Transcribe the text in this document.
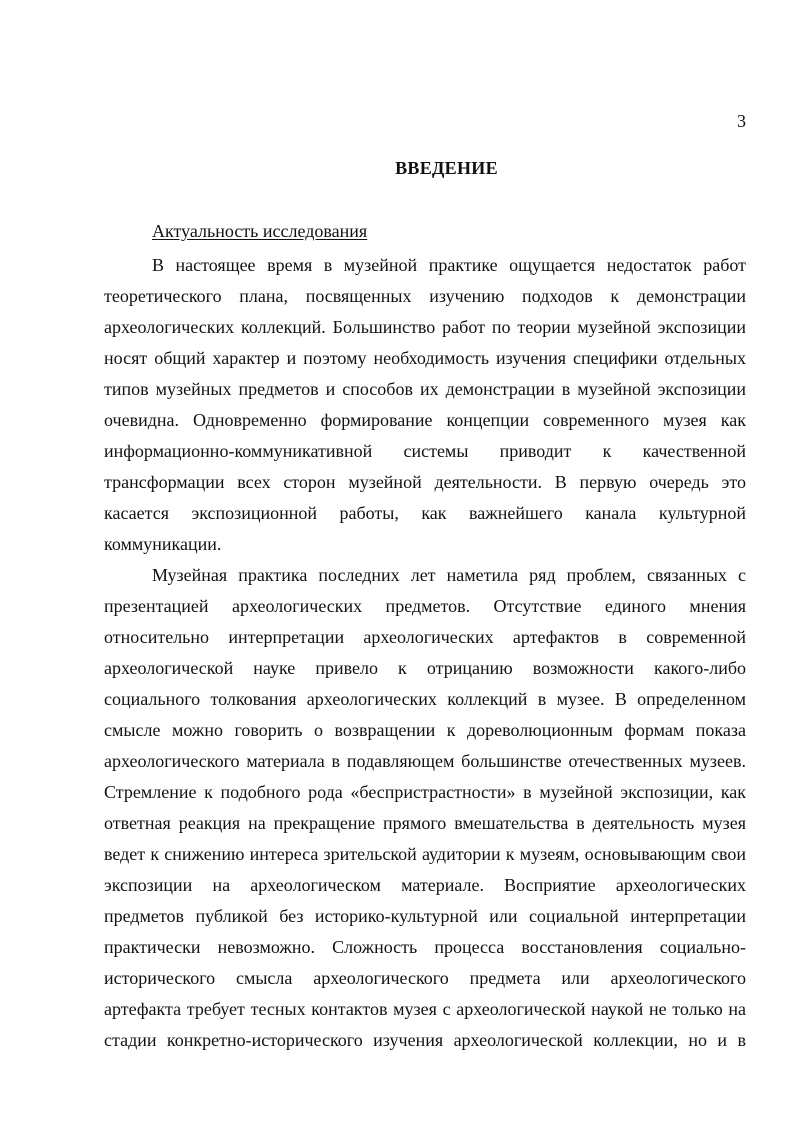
3
ВВЕДЕНИЕ
Актуальность исследования
В настоящее время в музейной практике ощущается недостаток работ
теоретического плана, посвященных изучению подходов к демонстрации
археологических коллекций. Большинство работ по теории музейной экспозиции
носят общий характер и поэтому необходимость изучения специфики отдельных
типов музейных предметов и способов их демонстрации в музейной экспозиции
очевидна. Одновременно формирование концепции современного музея как
информационно-коммуникативной системы приводит к качественной
трансформации всех сторон музейной деятельности. В первую очередь это
касается экспозиционной работы, как важнейшего канала культурной
коммуникации.
Музейная практика последних лет наметила ряд проблем, связанных с
презентацией археологических предметов. Отсутствие единого мнения
относительно интерпретации археологических артефактов в современной
археологической науке привело к отрицанию возможности какого-либо
социального толкования археологических коллекций в музее. В определенном
смысле можно говорить о возвращении к дореволюционным формам показа
археологического материала в подавляющем большинстве отечественных музеев.
Стремление к подобного рода «беспристрастности» в музейной экспозиции, как
ответная реакция на прекращение прямого вмешательства в деятельность музея
ведет к снижению интереса зрительской аудитории к музеям, основывающим свои
экспозиции на археологическом материале. Восприятие археологических
предметов публикой без историко-культурной или социальной интерпретации
практически невозможно. Сложность процесса восстановления социально-
исторического смысла археологического предмета или археологического
артефакта требует тесных контактов музея с археологической наукой не только на
стадии конкретно-исторического изучения археологической коллекции, но и в
